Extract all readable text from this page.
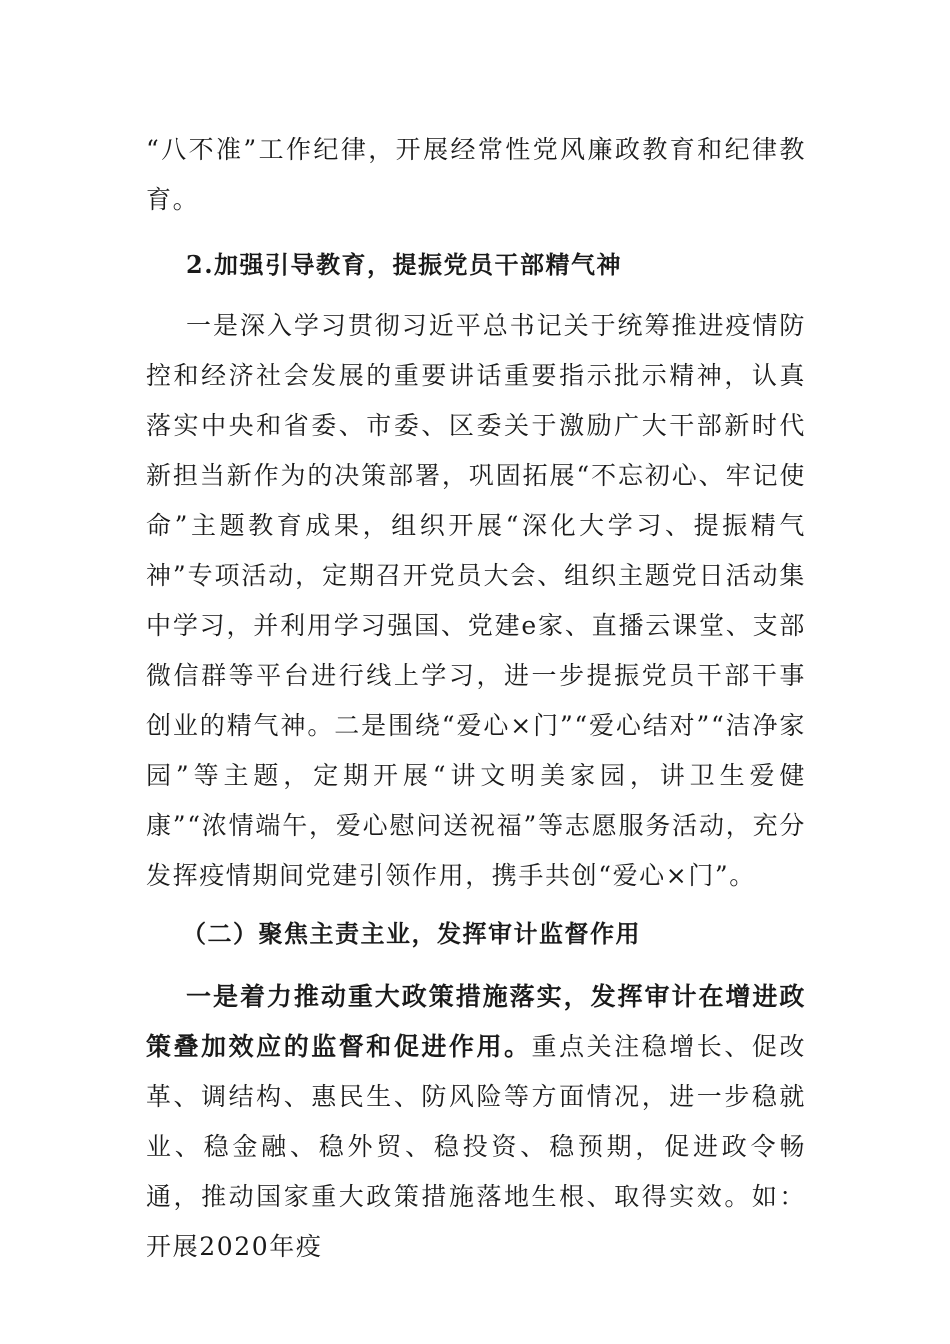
“八不准”工作纪律，开展经常性党风廉政教育和纪律教育。

2.加强引导教育，提振党员干部精气神

一是深入学习贯彻习近平总书记关于统筹推进疫情防控和经济社会发展的重要讲话重要指示批示精神，认真落实中央和省委、市委、区委关于激励广大干部新时代新担当新作为的决策部署，巩固拓展“不忘初心、牢记使命”主题教育成果，组织开展“深化大学习、提振精气神”专项活动，定期召开党员大会、组织主题党日活动集中学习，并利用学习强国、党建e家、直播云课堂、支部微信群等平台进行线上学习，进一步提振党员干部干事创业的精气神。二是围绕“爱心×门”“爱心结对”“洁净家园”等主题，定期开展“讲文明美家园，讲卫生爱健康”“浓情端午，爱心慰问送祝福”等志愿服务活动，充分发挥疫情期间党建引领作用，携手共创“爱心×门”。

（二）聚焦主责主业，发挥审计监督作用

一是着力推动重大政策措施落实，发挥审计在增进政策叠加效应的监督和促进作用。重点关注稳增长、促改革、调结构、惠民生、防风险等方面情况，进一步稳就业、稳金融、稳外贸、稳投资、稳预期，促进政令畅通，推动国家重大政策措施落地生根、取得实效。如：开展2020年疫
